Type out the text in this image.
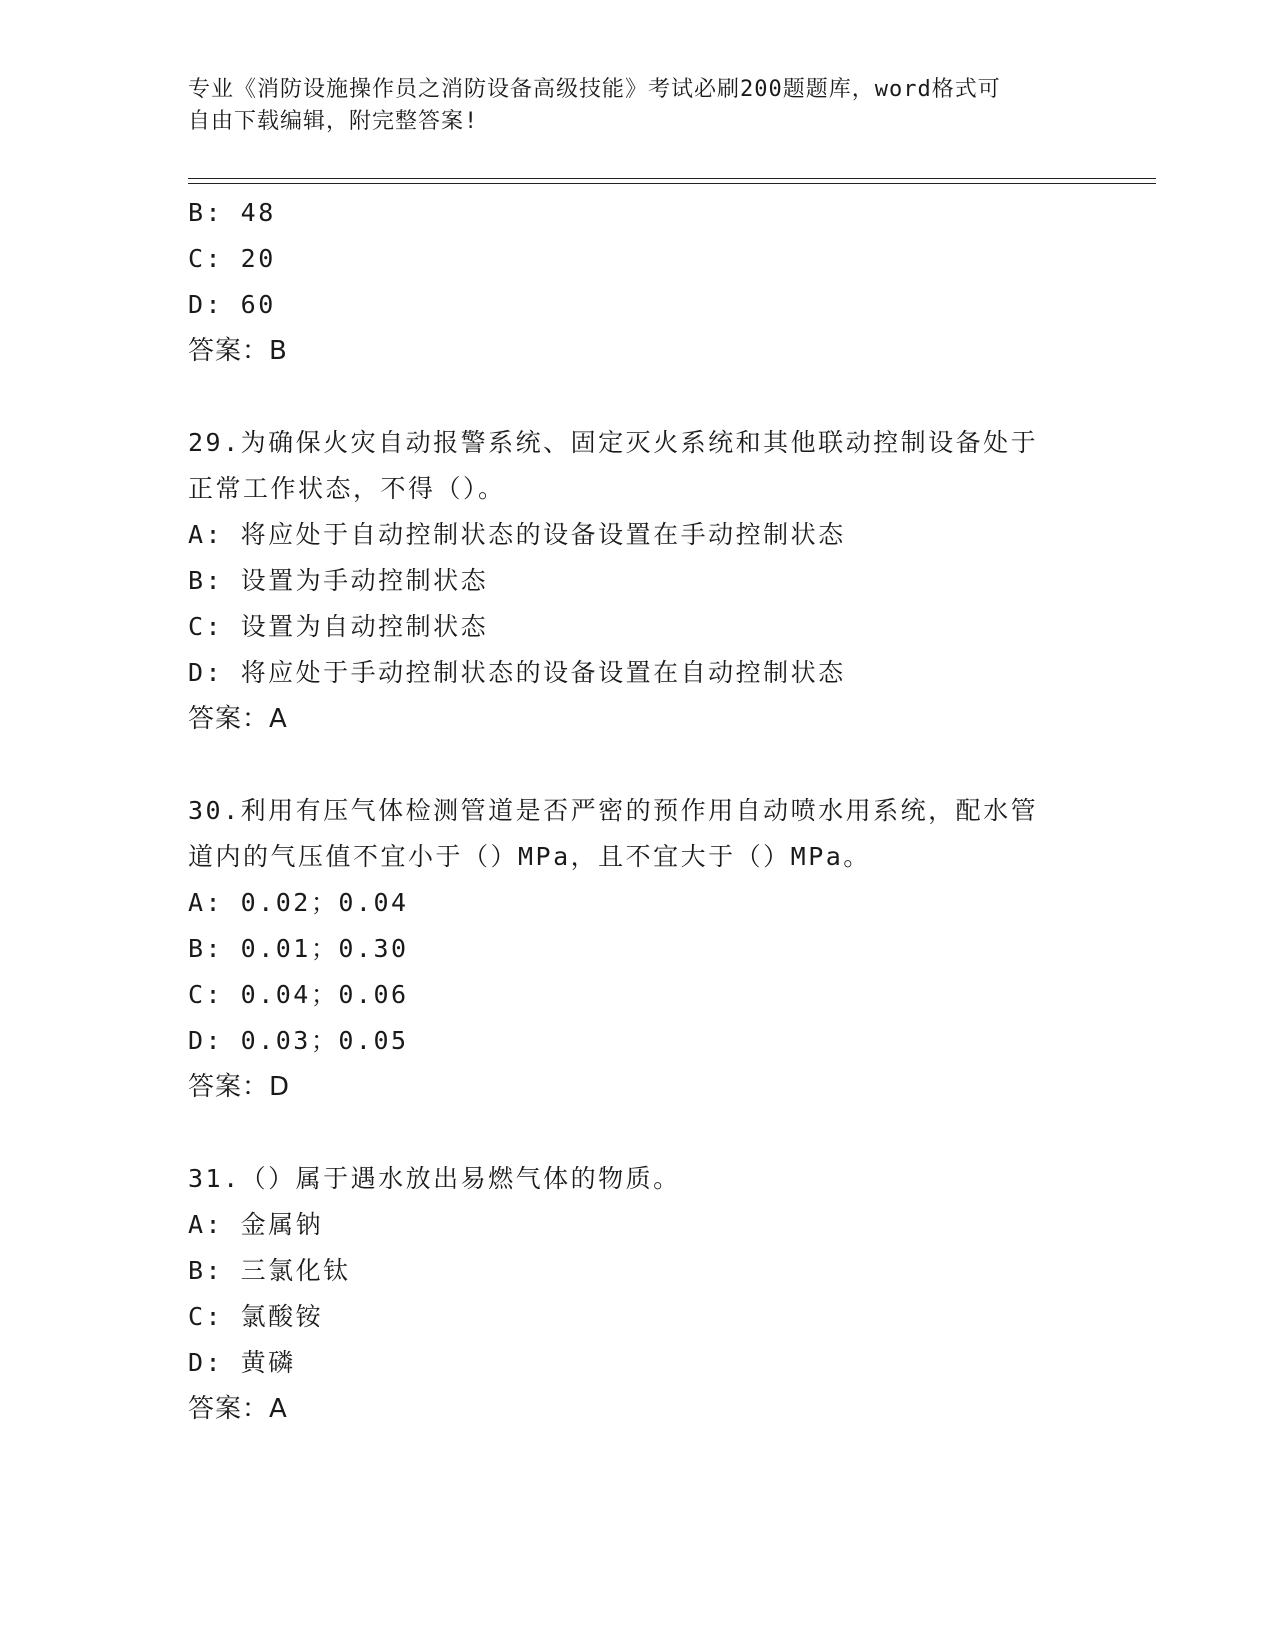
专业《消防设施操作员之消防设备高级技能》考试必刷200题题库，word格式可
自由下载编辑，附完整答案!
B: 48
C: 20
D: 60
答案：B
29.为确保火灾自动报警系统、固定灭火系统和其他联动控制设备处于
正常工作状态，不得（）。
A: 将应处于自动控制状态的设备设置在手动控制状态
B: 设置为手动控制状态
C: 设置为自动控制状态
D: 将应处于手动控制状态的设备设置在自动控制状态
答案：A
30.利用有压气体检测管道是否严密的预作用自动喷水用系统，配水管
道内的气压值不宜小于（）MPa，且不宜大于（）MPa。
A: 0.02；0.04
B: 0.01；0.30
C: 0.04；0.06
D: 0.03；0.05
答案：D
31.（）属于遇水放出易燃气体的物质。
A: 金属钠
B: 三氯化钛
C: 氯酸铵
D: 黄磷
答案：A
